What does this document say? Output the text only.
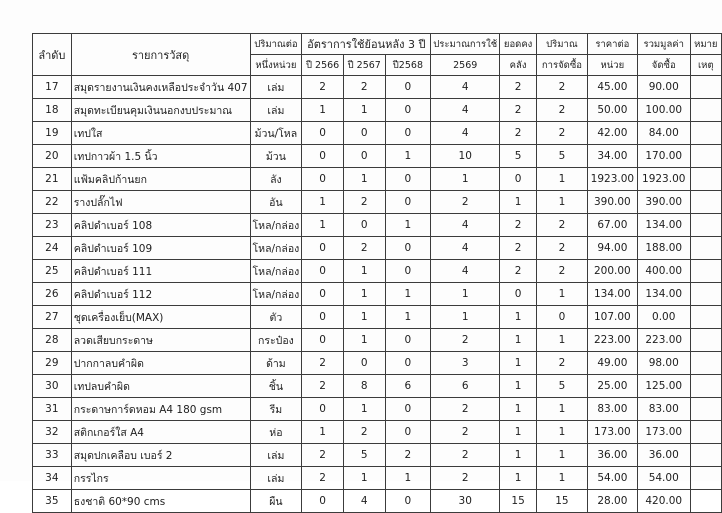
ลำดับ	รายการวัสดุ	ปริมาณต่อ	อัตราการใช้ย้อนหลัง 3 ปี			ประมาณการใช้	ยอดคง	ปริมาณ	ราคาต่อ	รวมมูลค่า	หมาย
		หนึ่งหน่วย	ปี 2566	ปี 2567	ปี2568	2569	คลัง	การจัดซื้อ	หน่วย	จัดซื้อ	เหตุ
17	สมุดรายงานเงินคงเหลือประจำวัน 407	เล่ม	2	2	0	4	2	2	45.00	90.00	
18	สมุดทะเบียนคุมเงินนอกงบประมาณ	เล่ม	1	1	0	4	2	2	50.00	100.00	
19	เทปใส	ม้วน/โหล	0	0	0	4	2	2	42.00	84.00	
20	เทปกาวผ้า 1.5 นิ้ว	ม้วน	0	0	1	10	5	5	34.00	170.00	
21	แฟ้มคลิปก้านยก	ลัง	0	1	0	1	0	1	1923.00	1923.00	
22	รางปลั๊กไฟ	อัน	1	2	0	2	1	1	390.00	390.00	
23	คลิปดำเบอร์ 108	โหล/กล่อง	1	0	1	4	2	2	67.00	134.00	
24	คลิปดำเบอร์ 109	โหล/กล่อง	0	2	0	4	2	2	94.00	188.00	
25	คลิปดำเบอร์ 111	โหล/กล่อง	0	1	0	4	2	2	200.00	400.00	
26	คลิปดำเบอร์ 112	โหล/กล่อง	0	1	1	1	0	1	134.00	134.00	
27	ชุดเครื่องเย็บ(MAX)	ตัว	0	1	1	1	1	0	107.00	0.00	
28	ลวดเสียบกระดาษ	กระป๋อง	0	1	0	2	1	1	223.00	223.00	
29	ปากกาลบคำผิด	ด้าม	2	0	0	3	1	2	49.00	98.00	
30	เทปลบคำผิด	ชิ้น	2	8	6	6	1	5	25.00	125.00	
31	กระดาษการ์ดหอม A4 180 gsm	รีม	0	1	0	2	1	1	83.00	83.00	
32	สติกเกอร์ใส A4	ห่อ	1	2	0	2	1	1	173.00	173.00	
33	สมุดปกเคลือบ เบอร์ 2	เล่ม	2	5	2	2	1	1	36.00	36.00	
34	กรรไกร	เล่ม	2	1	1	2	1	1	54.00	54.00	
35	ธงชาติ 60*90 cms	ผืน	0	4	0	30	15	15	28.00	420.00	
